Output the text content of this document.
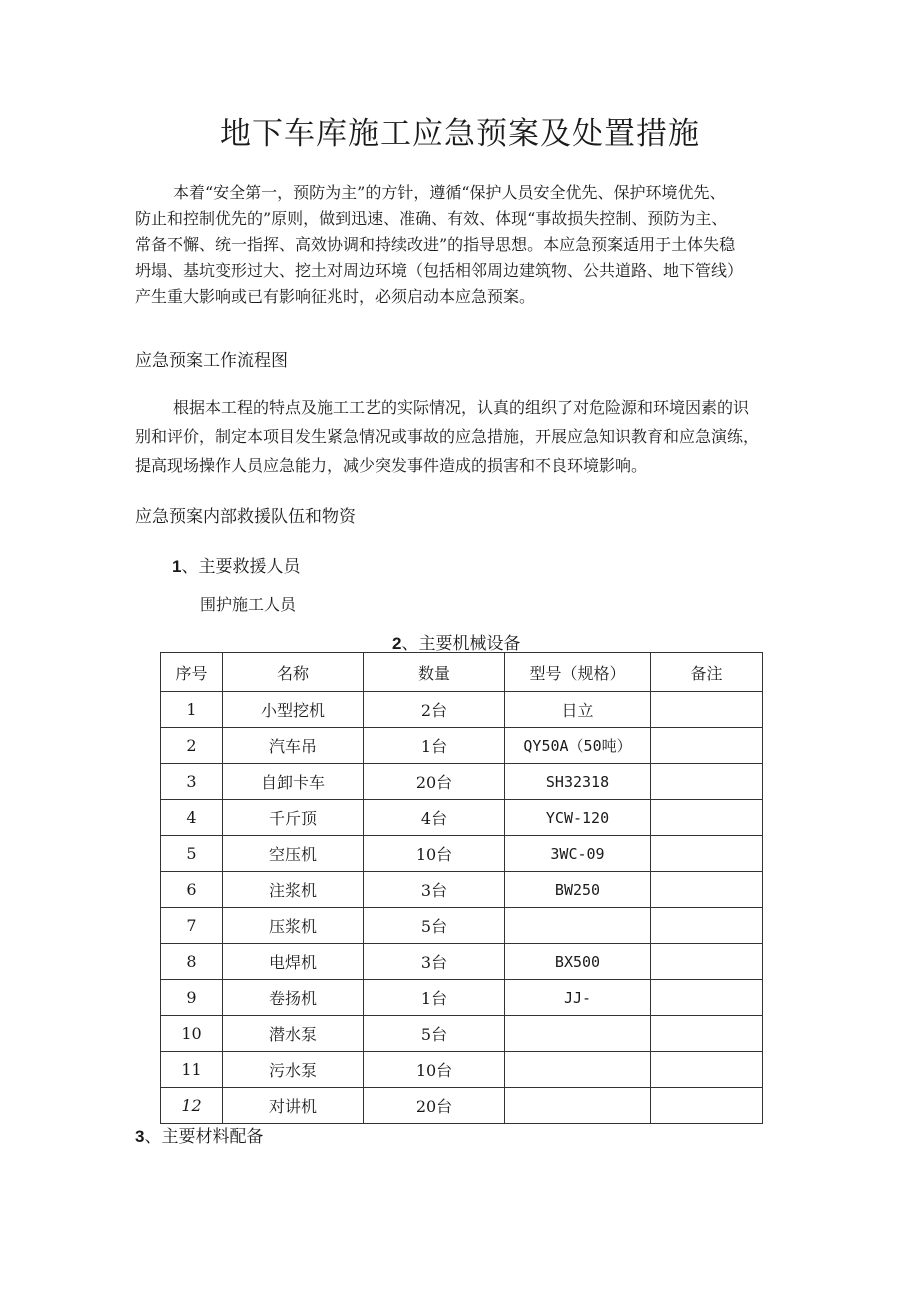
地下车库施工应急预案及处置措施

本着“安全第一，预防为主”的方针，遵循“保护人员安全优先、保护环境优先、

防止和控制优先的”原则，做到迅速、准确、有效、体现“事故损失控制、预防为主、

常备不懈、统一指挥、高效协调和持续改进”的指导思想。本应急预案适用于土体失稳

坍塌、基坑变形过大、挖土对周边环境（包括相邻周边建筑物、公共道路、地下管线）

产生重大影响或已有影响征兆时，必须启动本应急预案。

应急预案工作流程图

根据本工程的特点及施工工艺的实际情况，认真的组织了对危险源和环境因素的识

别和评价，制定本项目发生紧急情况或事故的应急措施，开展应急知识教育和应急演练，

提高现场操作人员应急能力，减少突发事件造成的损害和不良环境影响。

应急预案内部救援队伍和物资
1、主要救援人员
围护施工人员
2、主要机械设备
序号	名称	数量	型号（规格）	备注
1	小型挖机	2台	日立	
2	汽车吊	1台	QY50A（50吨）	
3	自卸卡车	20台	SH32318	
4	千斤顶	4台	YCW-120	
5	空压机	10台	3WC-09	
6	注浆机	3台	BW250	
7	压浆机	5台		
8	电焊机	3台	BX500	
9	卷扬机	1台	JJ-	
10	潜水泵	5台		
11	污水泵	10台		
12	对讲机	20台		
3、主要材料配备
